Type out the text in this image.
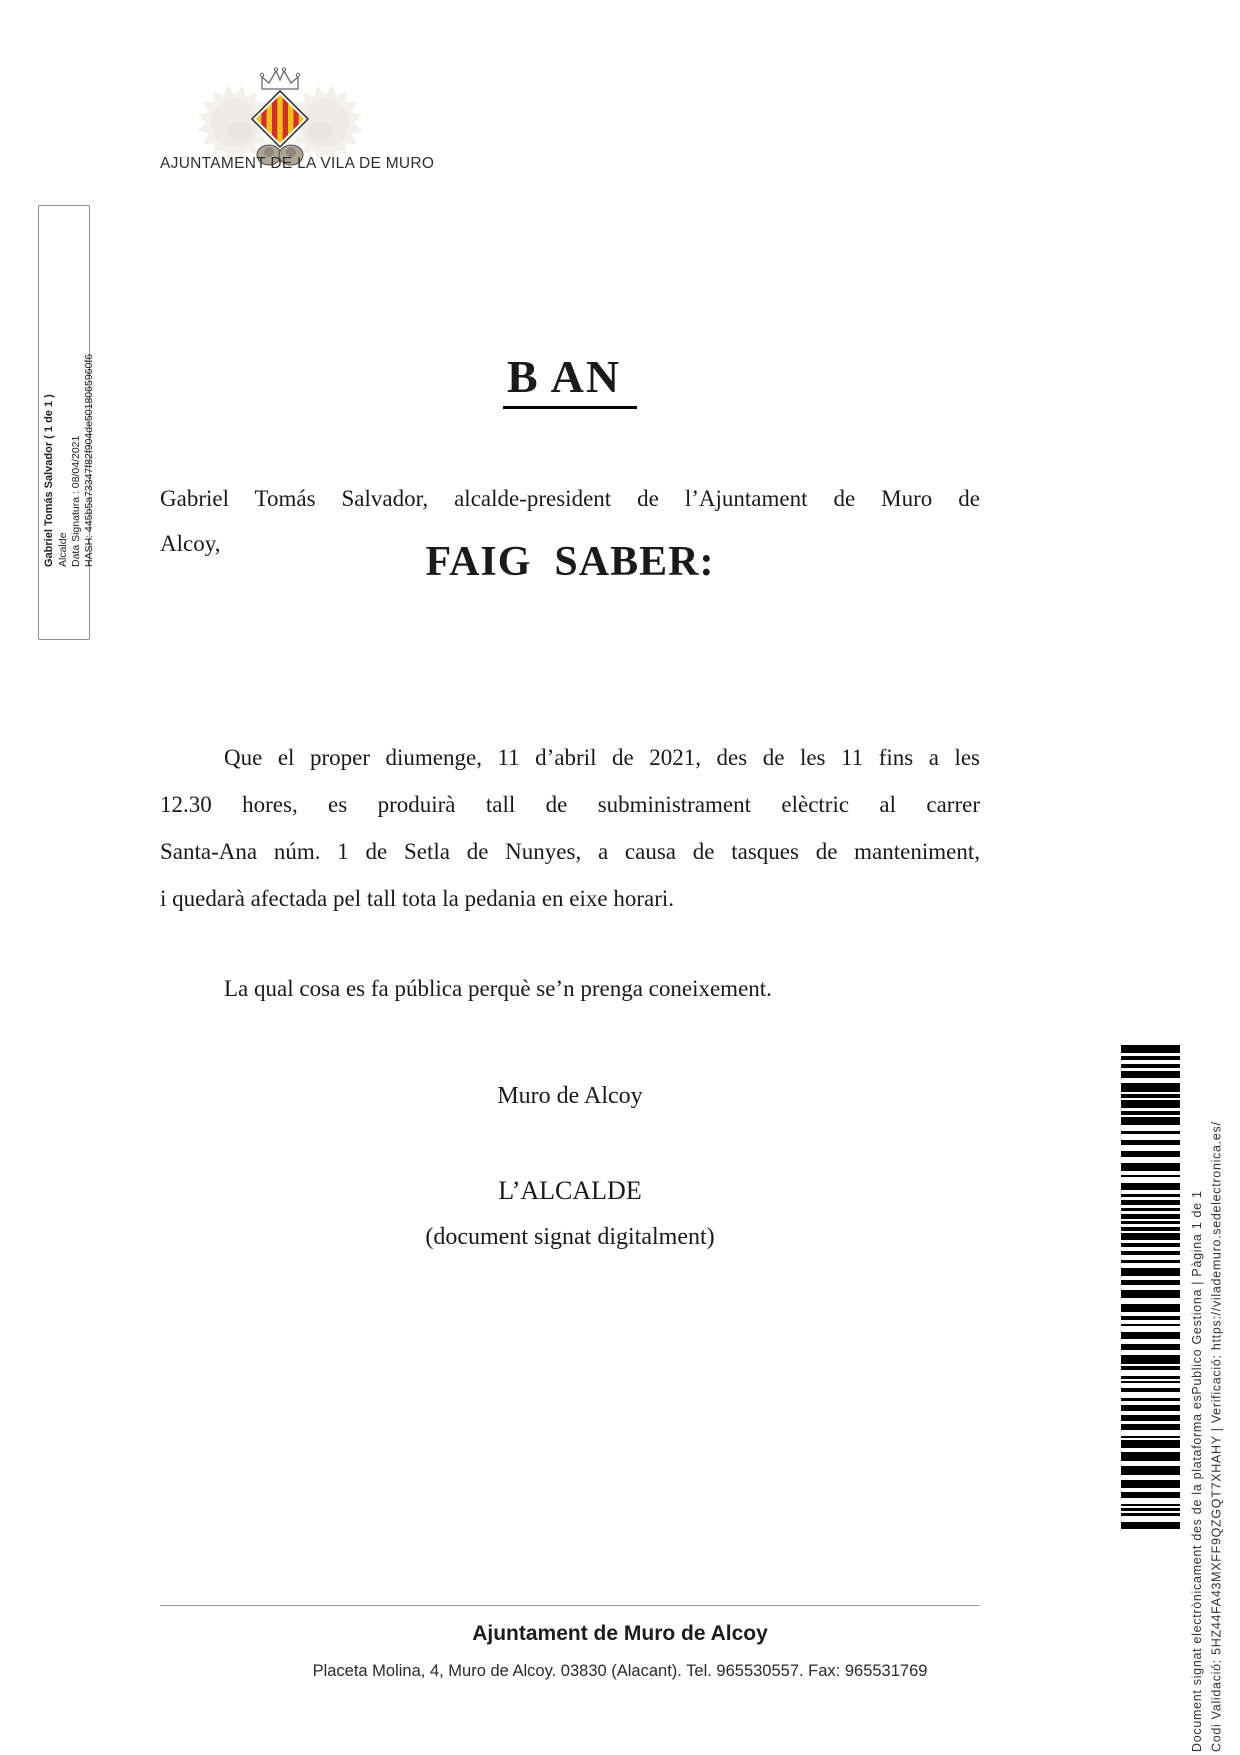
AJUNTAMENT DE LA VILA DE MURO
Gabriel Tomás Salvador ( 1 de 1 ) Alcalde Data Signatura : 08/04/2021 HASH: 445b5a73347f82f904de5018065960f6	B AN
Gabriel Tomás Salvador, alcalde-president de l’Ajuntament de Muro de
Alcoy,	FAIG  SABER:
Que el proper diumenge, 11 d’abril de 2021, des de les 11 fins a les
12.30 hores, es produirà tall de subministrament elèctric al carrer
Santa-Ana núm. 1 de Setla de Nunyes, a causa de tasques de manteniment,
i quedarà afectada pel tall tota la pedania en eixe horari.
La qual cosa es fa pública perquè se’n prenga coneixement.
Muro de Alcoy
L’ALCALDE
(document signat digitalment)	Document signat electrònicament des de la plataforma esPublico Gestiona | Pàgina 1 de 1 Codi Validació: 5HZ44FA43MXFF9QZGQT7XHAHY | Verificació: https://vilademuro.sedelectronica.es/
Ajuntament de Muro de Alcoy
Placeta Molina, 4, Muro de Alcoy. 03830 (Alacant). Tel. 965530557. Fax: 965531769
